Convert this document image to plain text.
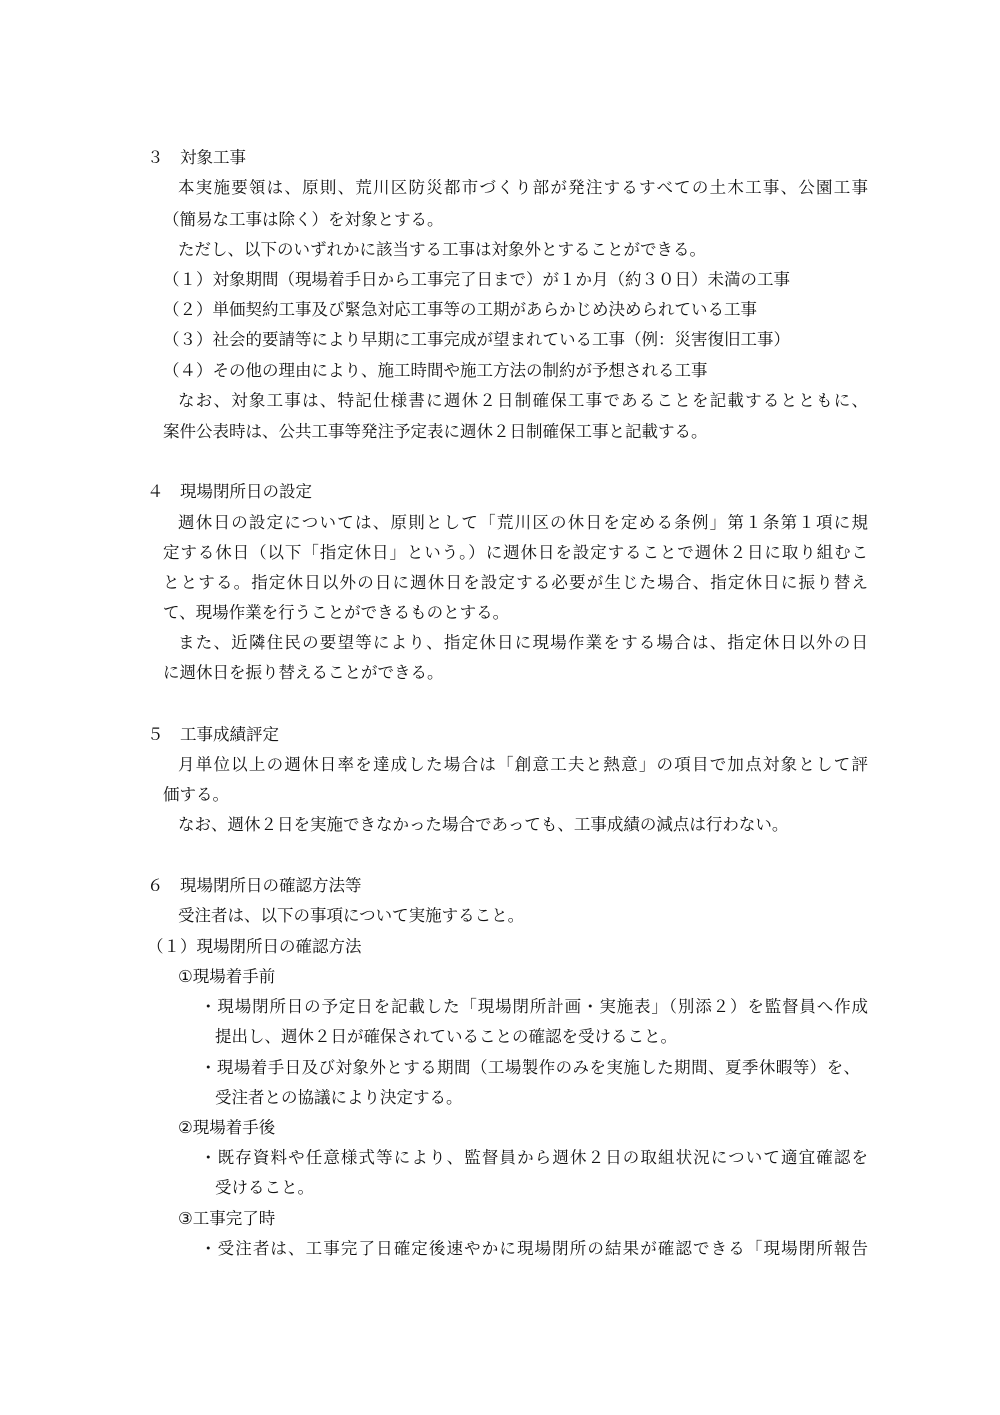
３　対象工事
本実施要領は、原則、荒川区防災都市づくり部が発注するすべての土木工事、公園工事
（簡易な工事は除く）を対象とする。
ただし、以下のいずれかに該当する工事は対象外とすることができる。
（１）対象期間（現場着手日から工事完了日まで）が１か月（約３０日）未満の工事
（２）単価契約工事及び緊急対応工事等の工期があらかじめ決められている工事
（３）社会的要請等により早期に工事完成が望まれている工事（例：災害復旧工事）
（４）その他の理由により、施工時間や施工方法の制約が予想される工事
なお、対象工事は、特記仕様書に週休２日制確保工事であることを記載するとともに、
案件公表時は、公共工事等発注予定表に週休２日制確保工事と記載する。
４　現場閉所日の設定
週休日の設定については、原則として「荒川区の休日を定める条例」第１条第１項に規
定する休日（以下「指定休日」という。）に週休日を設定することで週休２日に取り組むこ
ととする。指定休日以外の日に週休日を設定する必要が生じた場合、指定休日に振り替え
て、現場作業を行うことができるものとする。
また、近隣住民の要望等により、指定休日に現場作業をする場合は、指定休日以外の日
に週休日を振り替えることができる。
５　工事成績評定
月単位以上の週休日率を達成した場合は「創意工夫と熱意」の項目で加点対象として評
価する。
なお、週休２日を実施できなかった場合であっても、工事成績の減点は行わない。
６　現場閉所日の確認方法等
受注者は、以下の事項について実施すること。
（１）現場閉所日の確認方法
①現場着手前
・現場閉所日の予定日を記載した「現場閉所計画・実施表」（別添２）を監督員へ作成
提出し、週休２日が確保されていることの確認を受けること。
・現場着手日及び対象外とする期間（工場製作のみを実施した期間、夏季休暇等）を、
受注者との協議により決定する。
②現場着手後
・既存資料や任意様式等により、監督員から週休２日の取組状況について適宜確認を
受けること。
③工事完了時
・受注者は、工事完了日確定後速やかに現場閉所の結果が確認できる「現場閉所報告
